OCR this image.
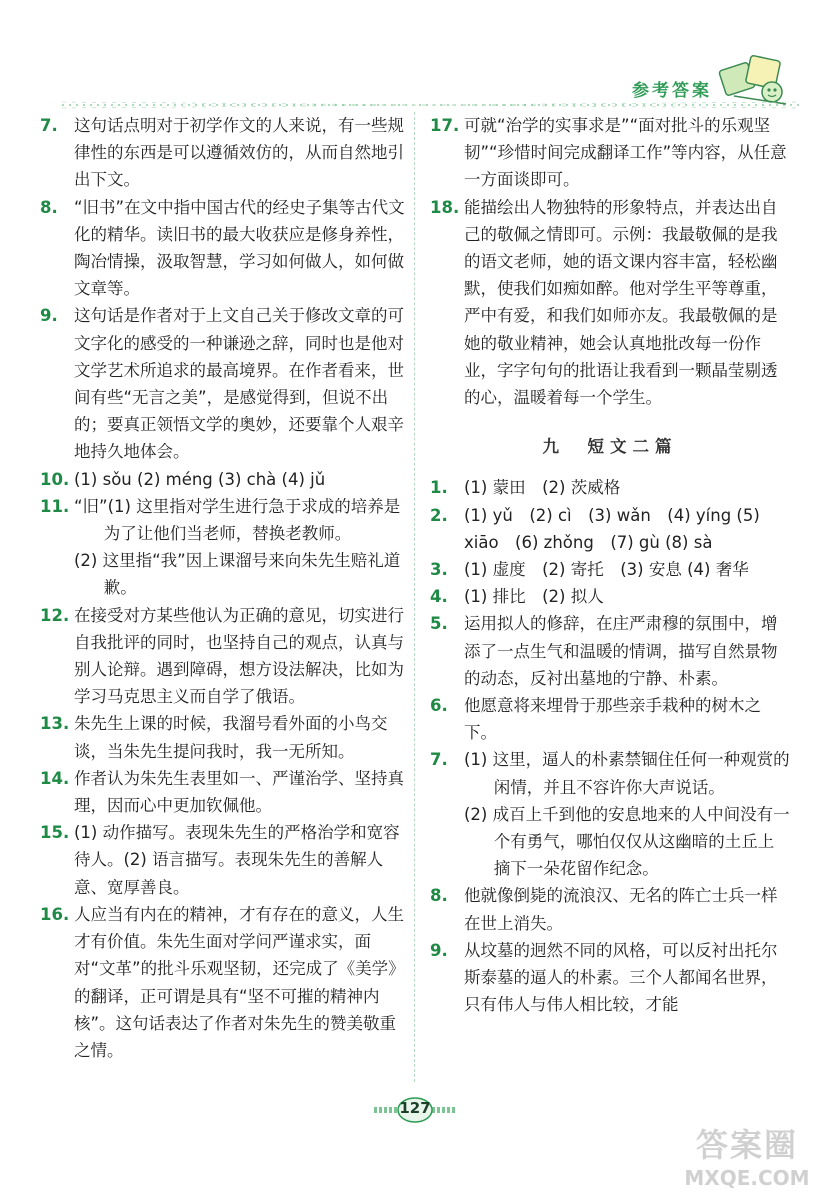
参考答案
7. 这句话点明对于初学作文的人来说，有一些规律性的东西是可以遵循效仿的，从而自然地引出下文。
8. “旧书”在文中指中国古代的经史子集等古代文化的精华。读旧书的最大收获应是修身养性，陶冶情操，汲取智慧，学习如何做人，如何做文章等。
9. 这句话是作者对于上文自己关于修改文章的可文字化的感受的一种谦逊之辞，同时也是他对文学艺术所追求的最高境界。在作者看来，世间有些“无言之美”，是感觉得到，但说不出的；要真正领悟文学的奥妙，还要靠个人艰辛地持久地体会。
10. (1) sǒu (2) méng (3) chà (4) jǔ
11. “旧”(1) 这里指对学生进行急于求成的培养是为了让他们当老师，替换老教师。
(2) 这里指“我”因上课溜号来向朱先生赔礼道歉。
12. 在接受对方某些他认为正确的意见，切实进行自我批评的同时，也坚持自己的观点，认真与别人论辩。遇到障碍，想方设法解决，比如为学习马克思主义而自学了俄语。
13. 朱先生上课的时候，我溜号看外面的小鸟交谈，当朱先生提问我时，我一无所知。
14. 作者认为朱先生表里如一、严谨治学、坚持真理，因而心中更加钦佩他。
15. (1) 动作描写。表现朱先生的严格治学和宽容待人。(2) 语言描写。表现朱先生的善解人意、宽厚善良。
16. 人应当有内在的精神，才有存在的意义，人生才有价值。朱先生面对学问严谨求实，面对“文革”的批斗乐观坚韧，还完成了《美学》的翻译，正可谓是具有“坚不可摧的精神内核”。这句话表达了作者对朱先生的赞美敬重之情。
17. 可就“治学的实事求是”“面对批斗的乐观坚韧”“珍惜时间完成翻译工作”等内容，从任意一方面谈即可。
18. 能描绘出人物独特的形象特点，并表达出自己的敬佩之情即可。示例：我最敬佩的是我的语文老师，她的语文课内容丰富，轻松幽默，使我们如痴如醉。他对学生平等尊重，严中有爱，和我们如师亦友。我最敬佩的是她的敬业精神，她会认真地批改每一份作业，字字句句的批语让我看到一颗晶莹剔透的心，温暖着每一个学生。
九　短文二篇
1. (1) 蒙田　(2) 茨威格
2. (1) yǔ　(2) cì　(3) wǎn　(4) yíng (5) xiāo　(6) zhǒng　(7) gù (8) sà
3. (1) 虚度　(2) 寄托　(3) 安息 (4) 奢华
4. (1) 排比　(2) 拟人
5. 运用拟人的修辞，在庄严肃穆的氛围中，增添了一点生气和温暖的情调，描写自然景物的动态，反衬出墓地的宁静、朴素。
6. 他愿意将来埋骨于那些亲手栽种的树木之下。
7. (1) 这里，逼人的朴素禁锢住任何一种观赏的闲情，并且不容许你大声说话。
(2) 成百上千到他的安息地来的人中间没有一个有勇气，哪怕仅仅从这幽暗的土丘上摘下一朵花留作纪念。
8. 他就像倒毙的流浪汉、无名的阵亡士兵一样在世上消失。
9. 从坟墓的迥然不同的风格，可以反衬出托尔斯泰墓的逼人的朴素。三个人都闻名世界，只有伟人与伟人相比较，才能
127
答案圈
MXQE.COM
